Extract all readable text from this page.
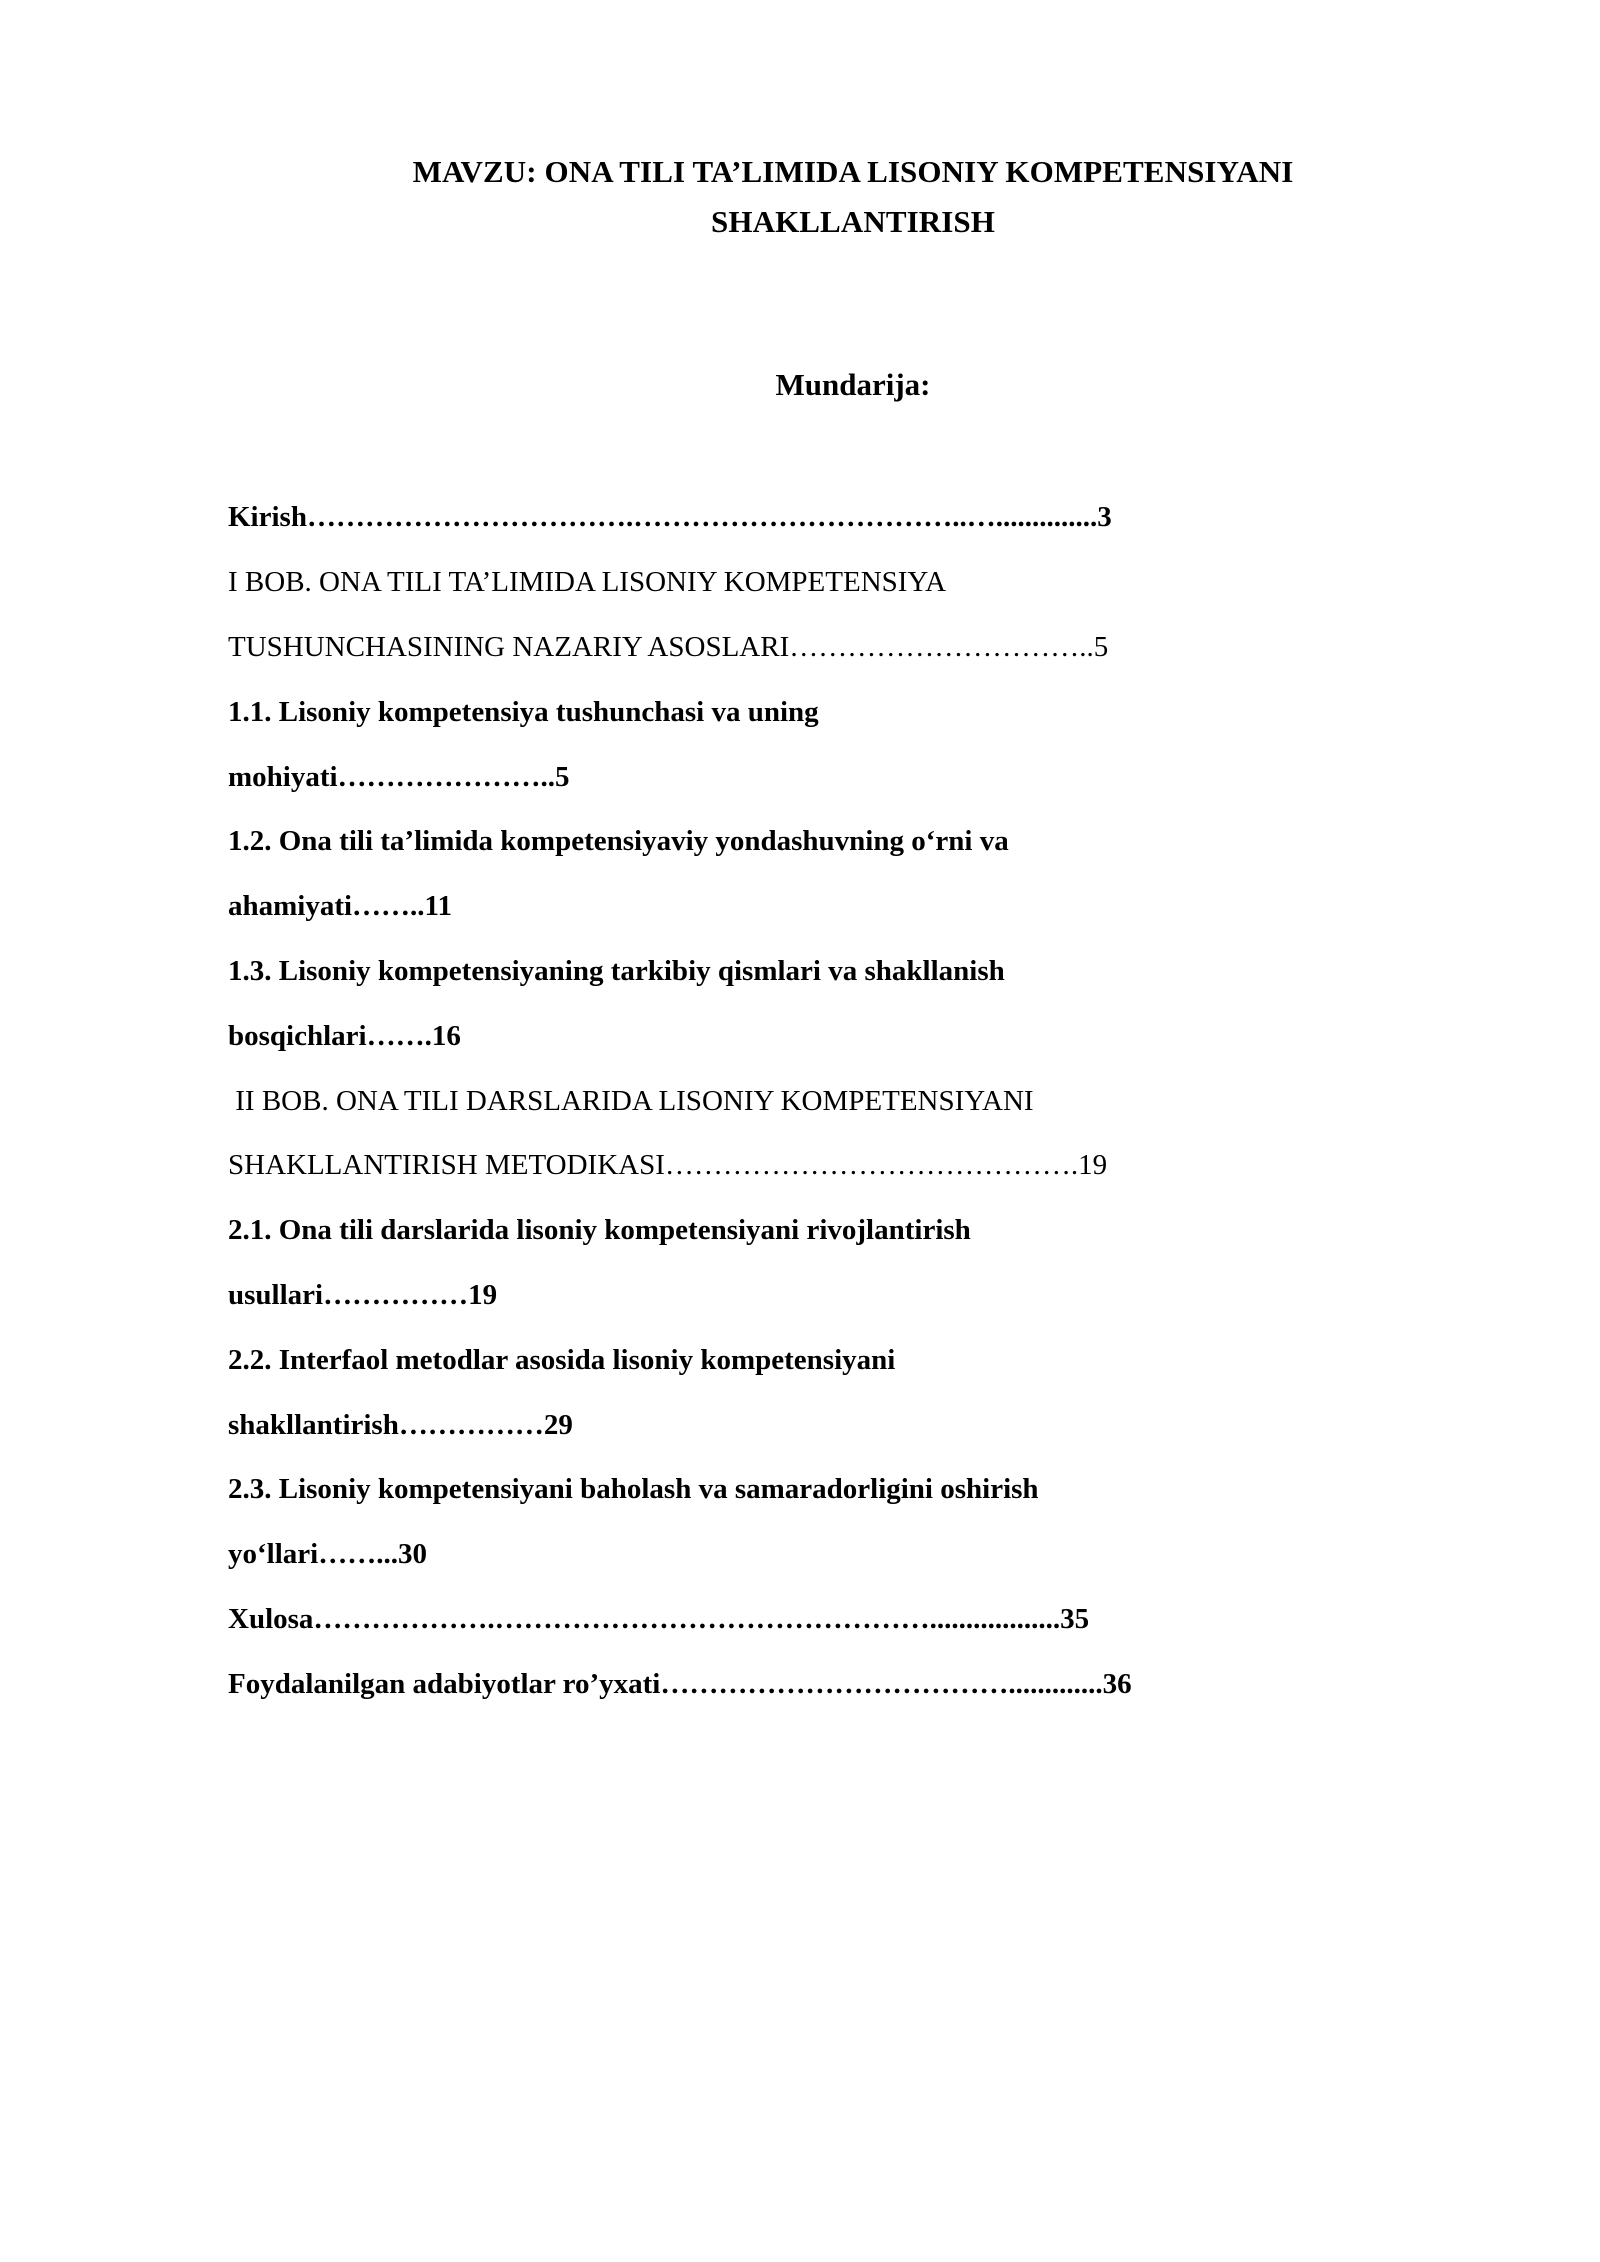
MAVZU: ONA TILI TA’LIMIDA LISONIY KOMPETENSIYANI
SHAKLLANTIRISH
Mundarija:
Kirish…………………………….……………………………..…..............3
I BOB. ONA TILI TA’LIMIDA LISONIY KOMPETENSIYA
TUSHUNCHASINING NAZARIY ASOSLARI…………………………..5
1.1. Lisoniy kompetensiya tushunchasi va uning
mohiyati…………………..5
1.2. Ona tili ta’limida kompetensiyaviy yondashuvning o‘rni va
ahamiyati……..11
1.3. Lisoniy kompetensiyaning tarkibiy qismlari va shakllanish
bosqichlari…….16
II BOB. ONA TILI DARSLARIDA LISONIY KOMPETENSIYANI
SHAKLLANTIRISH METODIKASI…………………………………….19
2.1. Ona tili darslarida lisoniy kompetensiyani rivojlantirish
usullari……………19
2.2. Interfaol metodlar asosida lisoniy kompetensiyani
shakllantirish……………29
2.3. Lisoniy kompetensiyani baholash va samaradorligini oshirish
yo‘llari……...30
Xulosa……………….………………………………………..................35
Foydalanilgan adabiyotlar ro’yxati……………………………….............36
